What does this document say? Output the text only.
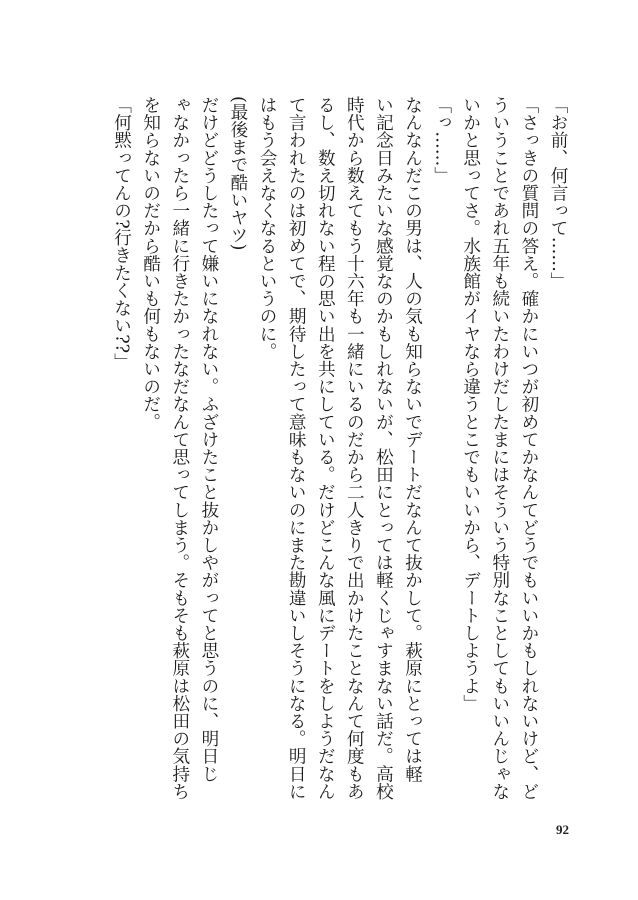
「お前、何言って……」
「さっきの質問の答え。確かにいつが初めてかなんてどうでもいいかもしれないけど、ど
ういうことであれ五年も続いたわけだしたまにはそういう特別なことしてもいいんじゃな
いかと思ってさ。水族館がイヤなら違うとこでもいいから、デートしようよ」
「っ……」
なんなんだこの男は、人の気も知らないでデートだなんて抜かして。萩原にとっては軽
い記念日みたいな感覚なのかもしれないが、松田にとっては軽くじゃすまない話だ。高校
時代から数えてもう十六年も一緒にいるのだから二人きりで出かけたことなんて何度もあ
るし、数え切れない程の思い出を共にしている。だけどこんな風にデートをしようだなん
て言われたのは初めてで、期待したって意味もないのにまた勘違いしそうになる。明日に
はもう会えなくなるというのに。
(最後まで酷いヤツ)
だけどどうしたって嫌いになれない。ふざけたこと抜かしやがってと思うのに、明日じ
ゃなかったら一緒に行きたかったなだなんて思ってしまう。そもそも萩原は松田の気持ち
を知らないのだから酷いも何もないのだ。
「何黙ってんの?行きたくない??」
92
